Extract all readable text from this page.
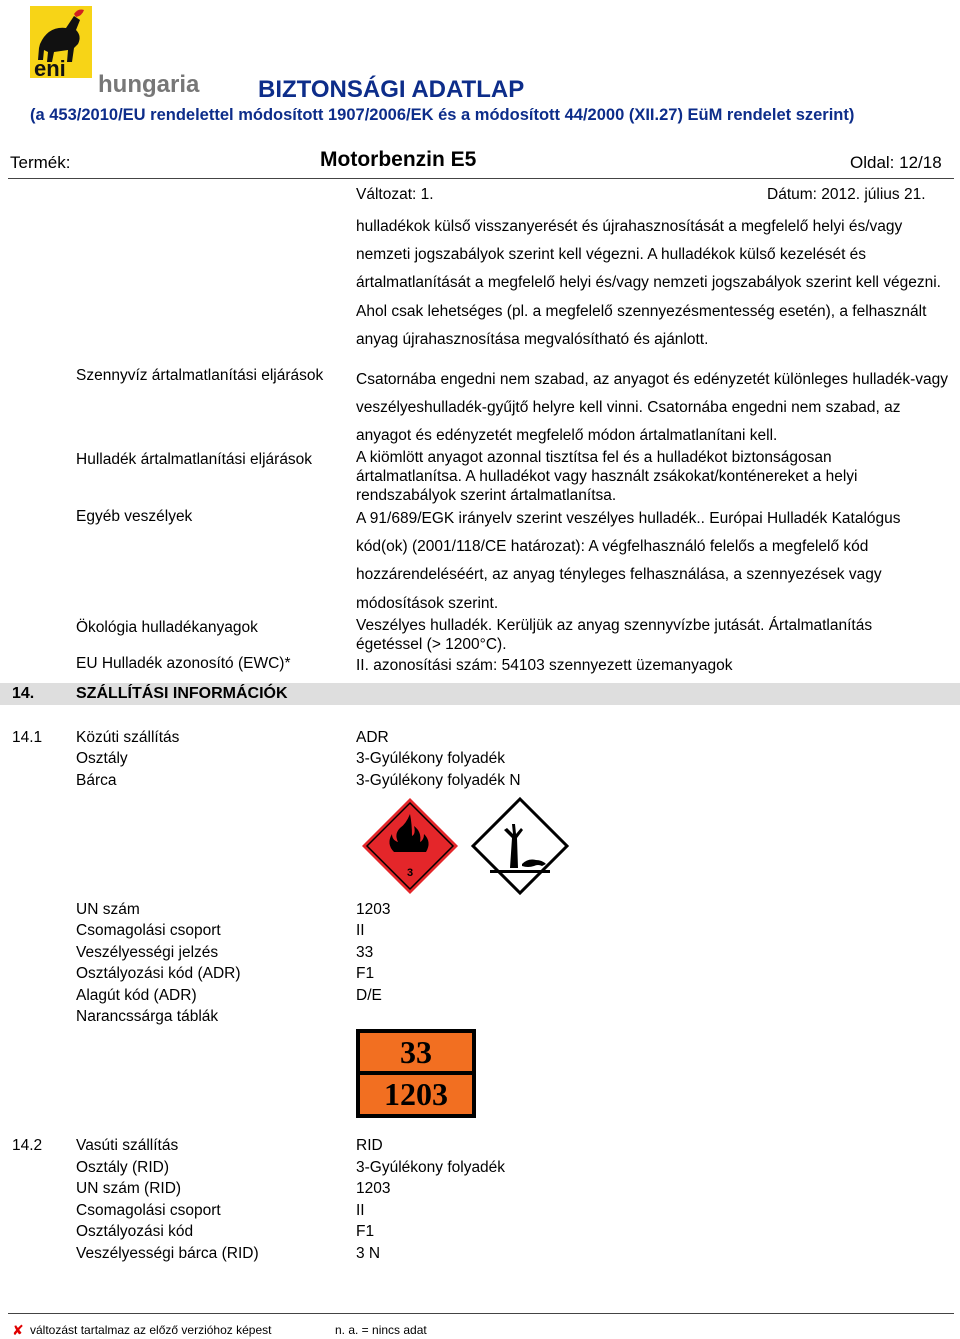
eni
hungaria BIZTONSÁGI ADATLAP
(a 453/2010/EU rendelettel módosított 1907/2006/EK és a módosított 44/2000 (XII.27) EüM rendelet szerint)
Termék:	Motorbenzin E5	Oldal: 12/18
Változat: 1.	Dátum: 2012. július 21.
hulladékok külső visszanyerését és újrahasznosítását a megfelelő helyi és/vagy nemzeti jogszabályok szerint kell végezni. A hulladékok külső kezelését és ártalmatlanítását a megfelelő helyi és/vagy nemzeti jogszabályok szerint kell végezni. Ahol csak lehetséges (pl. a megfelelő szennyezésmentesség esetén), a felhasznált anyag újrahasznosítása megvalósítható és ajánlott.
Szennyvíz ártalmatlanítási eljárások	Csatornába engedni nem szabad, az anyagot és edényzetét különleges hulladék-vagy veszélyeshulladék-gyűjtő helyre kell vinni. Csatornába engedni nem szabad, az anyagot és edényzetét megfelelő módon ártalmatlanítani kell.
Hulladék ártalmatlanítási eljárások	A kiömlött anyagot azonnal tisztítsa fel és a hulladékot biztonságosan ártalmatlanítsa. A hulladékot vagy használt zsákokat/konténereket a helyi rendszabályok szerint ártalmatlanítsa.
Egyéb veszélyek	A 91/689/EGK irányelv szerint veszélyes hulladék.. Európai Hulladék Katalógus kód(ok) (2001/118/CE határozat): A végfelhasználó felelős a megfelelő kód hozzárendeléséért, az anyag tényleges felhasználása, a szennyezések vagy módosítások szerint.
Ökológia hulladékanyagok	Veszélyes hulladék. Kerüljük az anyag szennyvízbe jutását. Ártalmatlanítás égetéssel (> 1200°C).
EU Hulladék azonosító (EWC)*	II. azonosítási szám: 54103 szennyezett üzemanyagok
14.	SZÁLLÍTÁSI INFORMÁCIÓK
14.1 Közúti szállítás	ADR
Osztály	3-Gyúlékony folyadék
Bárca	3-Gyúlékony folyadék N
3
UN szám	1203
Csomagolási csoport	II
Veszélyességi jelzés	33
Osztályozási kód (ADR)	F1
Alagút kód (ADR)	D/E
Narancssárga táblák
33
1203
14.2 Vasúti szállítás	RID
Osztály (RID)	3-Gyúlékony folyadék
UN szám (RID)	1203
Csomagolási csoport	II
Osztályozási kód	F1
Veszélyességi bárca (RID)	3 N
✘ változást tartalmaz az előző verzióhoz képest	n. a. = nincs adat
